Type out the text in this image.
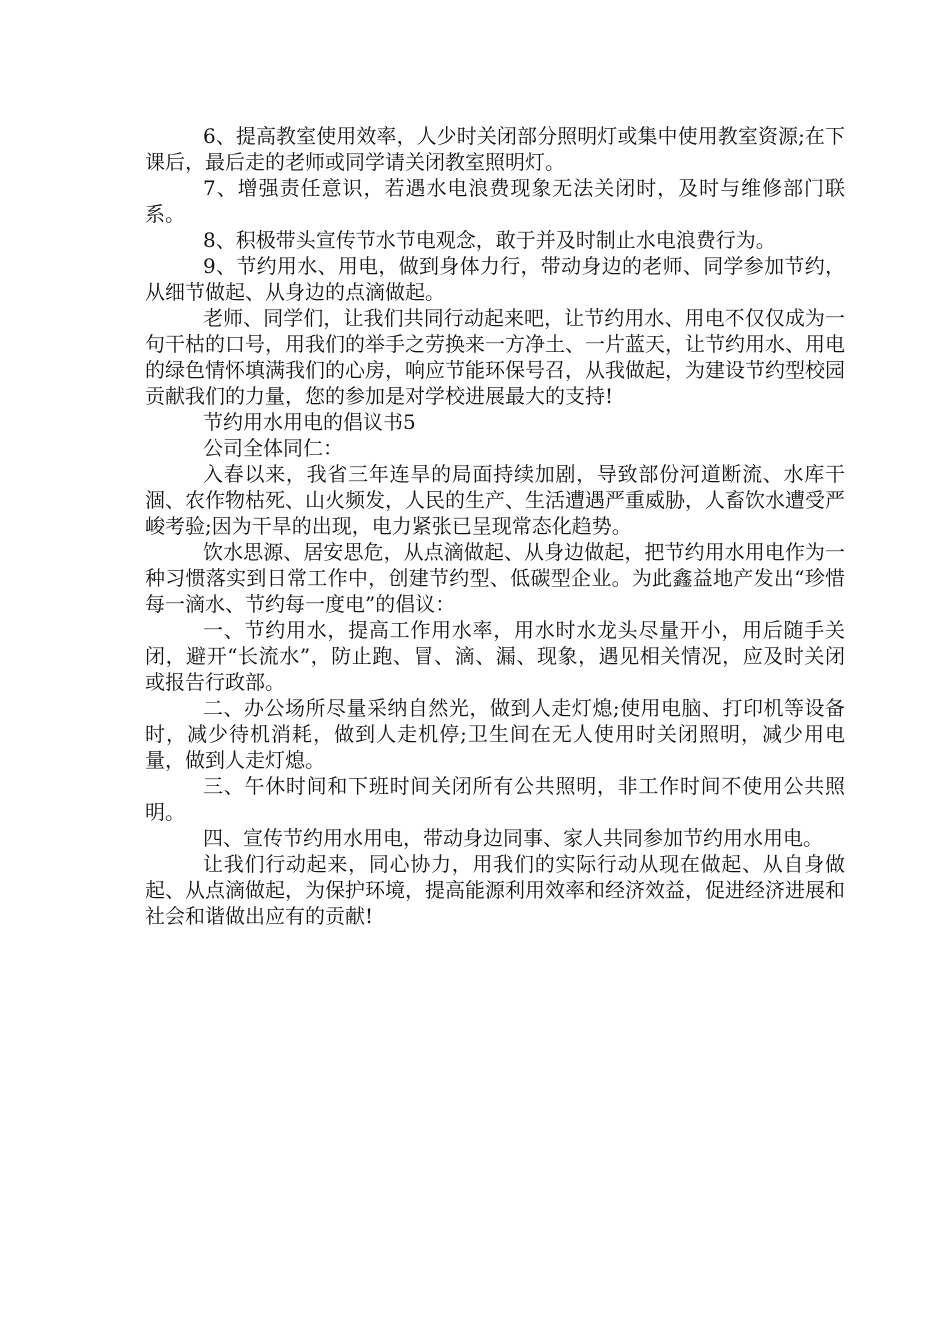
6、提高教室使用效率，人少时关闭部分照明灯或集中使用教室资源;在下课后，最后走的老师或同学请关闭教室照明灯。

7、增强责任意识，若遇水电浪费现象无法关闭时，及时与维修部门联系。

8、积极带头宣传节水节电观念，敢于并及时制止水电浪费行为。

9、节约用水、用电，做到身体力行，带动身边的老师、同学参加节约，从细节做起、从身边的点滴做起。

老师、同学们，让我们共同行动起来吧，让节约用水、用电不仅仅成为一句干枯的口号，用我们的举手之劳换来一方净土、一片蓝天，让节约用水、用电的绿色情怀填满我们的心房，响应节能环保号召，从我做起，为建设节约型校园贡献我们的力量，您的参加是对学校进展最大的支持!

节约用水用电的倡议书5

公司全体同仁：

入春以来，我省三年连旱的局面持续加剧，导致部份河道断流、水库干涸、农作物枯死、山火频发，人民的生产、生活遭遇严重威胁，人畜饮水遭受严峻考验;因为干旱的出现，电力紧张已呈现常态化趋势。

饮水思源、居安思危，从点滴做起、从身边做起，把节约用水用电作为一种习惯落实到日常工作中，创建节约型、低碳型企业。为此鑫益地产发出“珍惜每一滴水、节约每一度电”的倡议：

一、节约用水，提高工作用水率，用水时水龙头尽量开小，用后随手关闭，避开“长流水”，防止跑、冒、滴、漏、现象，遇见相关情况，应及时关闭或报告行政部。

二、办公场所尽量采纳自然光，做到人走灯熄;使用电脑、打印机等设备时，减少待机消耗，做到人走机停;卫生间在无人使用时关闭照明，减少用电量，做到人走灯熄。

三、午休时间和下班时间关闭所有公共照明，非工作时间不使用公共照明。

四、宣传节约用水用电，带动身边同事、家人共同参加节约用水用电。

让我们行动起来，同心协力，用我们的实际行动从现在做起、从自身做起、从点滴做起，为保护环境，提高能源利用效率和经济效益，促进经济进展和社会和谐做出应有的贡献!
